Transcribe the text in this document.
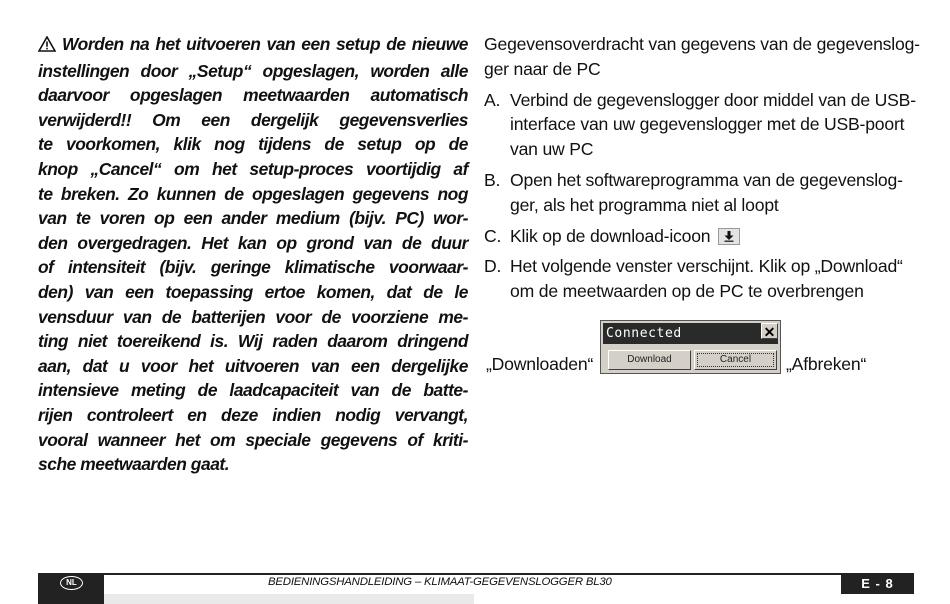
Worden na het uitvoeren van een setup de nieuwe
instellingen door „Setup“ opgeslagen, worden alle
daarvoor opgeslagen meetwaarden automatisch
verwijderd!! Om een dergelijk gegevensverlies
te voorkomen, klik nog tijdens de setup op de
knop „Cancel“ om het setup-proces voortijdig af
te breken. Zo kunnen de opgeslagen gegevens nog
van te voren op een ander medium (bijv. PC) wor-
den overgedragen. Het kan op grond van de duur
of intensiteit (bijv. geringe klimatische voorwaar-
den) van een toepassing ertoe komen, dat de le
vensduur van de batterijen voor de voorziene me-
ting niet toereikend is. Wij raden daarom dringend
aan, dat u voor het uitvoeren van een dergelijke
intensieve meting de laadcapaciteit van de batte-
rijen controleert en deze indien nodig vervangt,
vooral wanneer het om speciale gegevens of kriti-
sche meetwaarden gaat.
Gegevensoverdracht van gegevens van de gegevenslog-
ger naar de PC
A. Verbind de gegevenslogger door middel van de USB-
interface van uw gegevenslogger met de USB-poort
van uw PC
B. Open het softwareprogramma van de gegevenslog-
ger, als het programma niet al loopt
C. Klik op de download-icoon
D. Het volgende venster verschijnt. Klik op „Download“
om de meetwaarden op de PC te overbrengen
„Downloaden“
Connected	✕
Download	Cancel	„Afbreken“
NL	BEDIENINGSHANDLEIDING – KLIMAAT-GEGEVENSLOGGER BL30	E - 8
